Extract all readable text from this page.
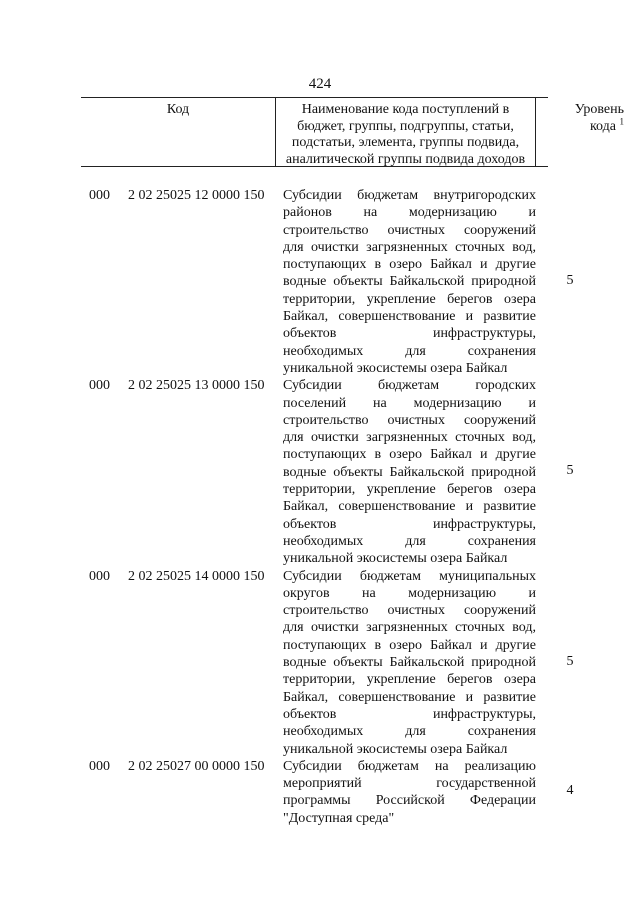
424
Код	Наименование кода поступлений в
бюджет, группы, подгруппы, статьи,
подстатьи, элемента, группы подвида,
аналитической группы подвида доходов
Уровень
кода $^1$
000 2 02 25025 12 0000 150 Субсидии бюджетам внутригородских
районов на модернизацию и
строительство очистных сооружений
для очистки загрязненных сточных вод,
поступающих в озеро Байкал и другие
водные объекты Байкальской природной
территории, укрепление берегов озера
Байкал, совершенствование и развитие
объектов инфраструктуры,
необходимых для сохранения
уникальной экосистемы озера Байкал
5
000 2 02 25025 13 0000 150 Субсидии бюджетам городских
поселений на модернизацию и
строительство очистных сооружений
для очистки загрязненных сточных вод,
поступающих в озеро Байкал и другие
водные объекты Байкальской природной
территории, укрепление берегов озера
Байкал, совершенствование и развитие
объектов инфраструктуры,
необходимых для сохранения
уникальной экосистемы озера Байкал
5
000 2 02 25025 14 0000 150 Субсидии бюджетам муниципальных
округов на модернизацию и
строительство очистных сооружений
для очистки загрязненных сточных вод,
поступающих в озеро Байкал и другие
водные объекты Байкальской природной
территории, укрепление берегов озера
Байкал, совершенствование и развитие
объектов инфраструктуры,
необходимых для сохранения
уникальной экосистемы озера Байкал
5
000 2 02 25027 00 0000 150 Субсидии бюджетам на реализацию
мероприятий государственной
программы Российской Федерации
"Доступная среда"
4
